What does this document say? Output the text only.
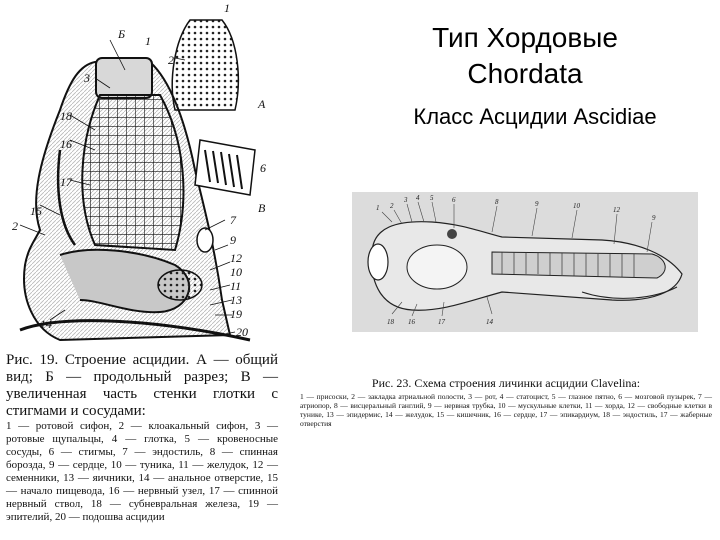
Тип Хордовые
Chordata
Класс Асцидии Ascidiae
Б
А
В
1
2
3
1
2
6
7
9
12
10
11
13
19
20
14
15
16
18
17
Рис. 19. Строение асцидии. А — общий вид; Б — продольный разрез; В — увеличенная часть стенки глотки с стигмами и сосудами:
1 — ротовой сифон, 2 — клоакальный сифон, 3 — ротовые щупальцы, 4 — глотка, 5 — кровеносные сосуды, 6 — стигмы, 7 — эндостиль, 8 — спинная борозда, 9 — сердце, 10 — туника, 11 — желудок, 12 — семенники, 13 — яичники, 14 — анальное отверстие, 15 — начало пищевода, 16 — нервный узел, 17 — спинной нервный ствол, 18 — субневральная железа, 19 — эпителий, 20 — подошва асцидии
1 2
3 4 5	6	8	9	10	12
9
18 16	17	14
Рис. 23. Схема строения личинки асцидии Clavelina:
1 — присоски, 2 — закладка атриальной полости, 3 — рот, 4 — статоцист, 5 — глазное пятно, 6 — мозговой пузырек, 7 — атриопор, 8 — висцеральный ганглий, 9 — нервная трубка, 10 — мускульные клетки, 11 — хорда, 12 — свободные клетки в тунике, 13 — эпидермис, 14 — желудок, 15 — кишечник, 16 — сердце, 17 — эпикардиум, 18 — эндостиль, 17 — жаберные отверстия
